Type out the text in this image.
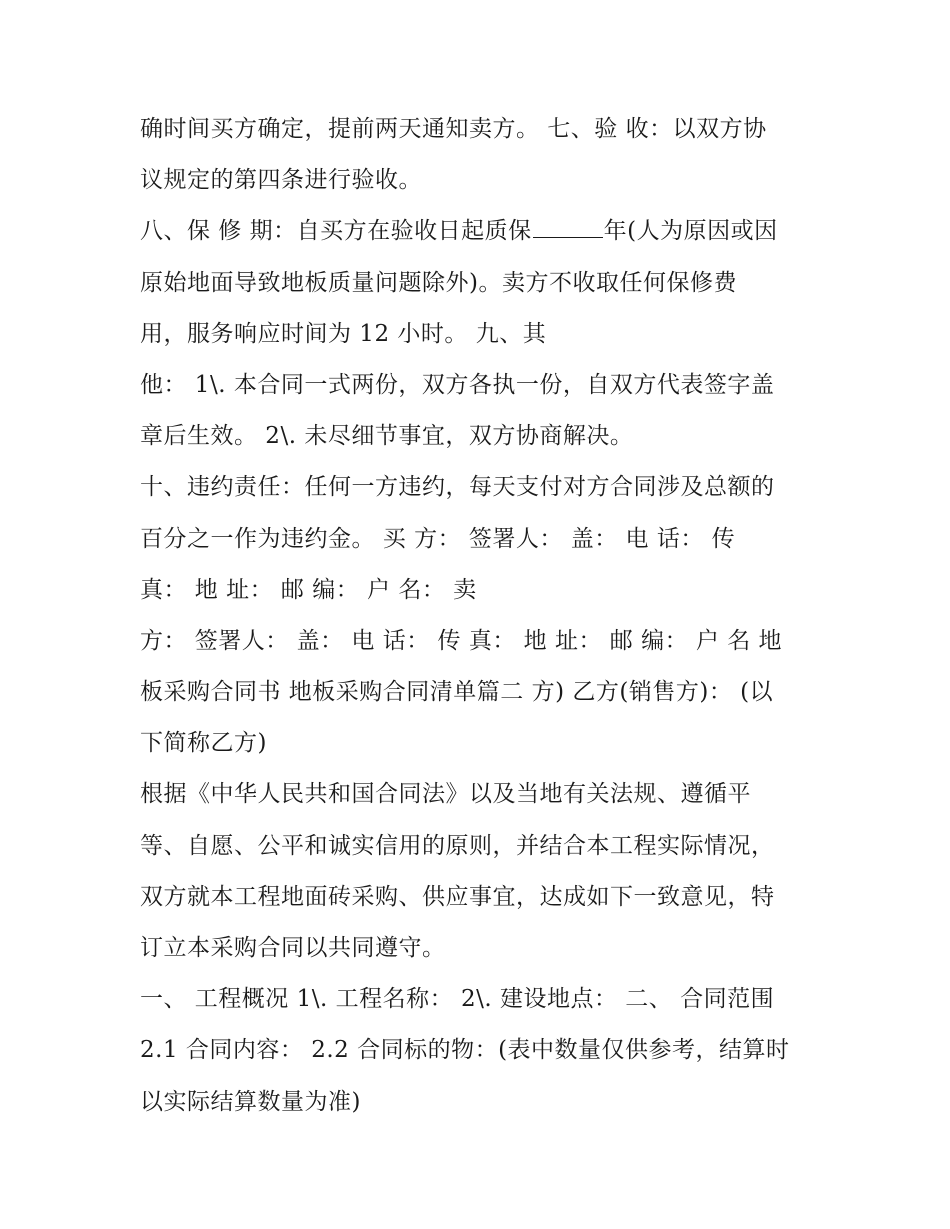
确时间买方确定，提前两天通知卖方。 七、验 收：以双方协
议规定的第四条进行验收。
八、保 修 期：自买方在验收日起质保	年(人为原因或因
原始地面导致地板质量问题除外)。卖方不收取任何保修费
用，服务响应时间为 12 小时。 九、其
他： 1\. 本合同一式两份，双方各执一份，自双方代表签字盖
章后生效。 2\. 未尽细节事宜，双方协商解决。
十、违约责任：任何一方违约，每天支付对方合同涉及总额的
百分之一作为违约金。 买 方： 签署人： 盖： 电 话： 传
真： 地 址： 邮 编： 户 名： 卖
方： 签署人： 盖： 电 话： 传 真： 地 址： 邮 编： 户 名 地
板采购合同书 地板采购合同清单篇二 方) 乙方(销售方)： (以
下简称乙方)
根据《中华人民共和国合同法》以及当地有关法规、遵循平
等、自愿、公平和诚实信用的原则，并结合本工程实际情况，
双方就本工程地面砖采购、供应事宜，达成如下一致意见，特
订立本采购合同以共同遵守。
一、 工程概况 1\. 工程名称： 2\. 建设地点： 二、 合同范围
2.1 合同内容： 2.2 合同标的物：(表中数量仅供参考，结算时
以实际结算数量为准)
